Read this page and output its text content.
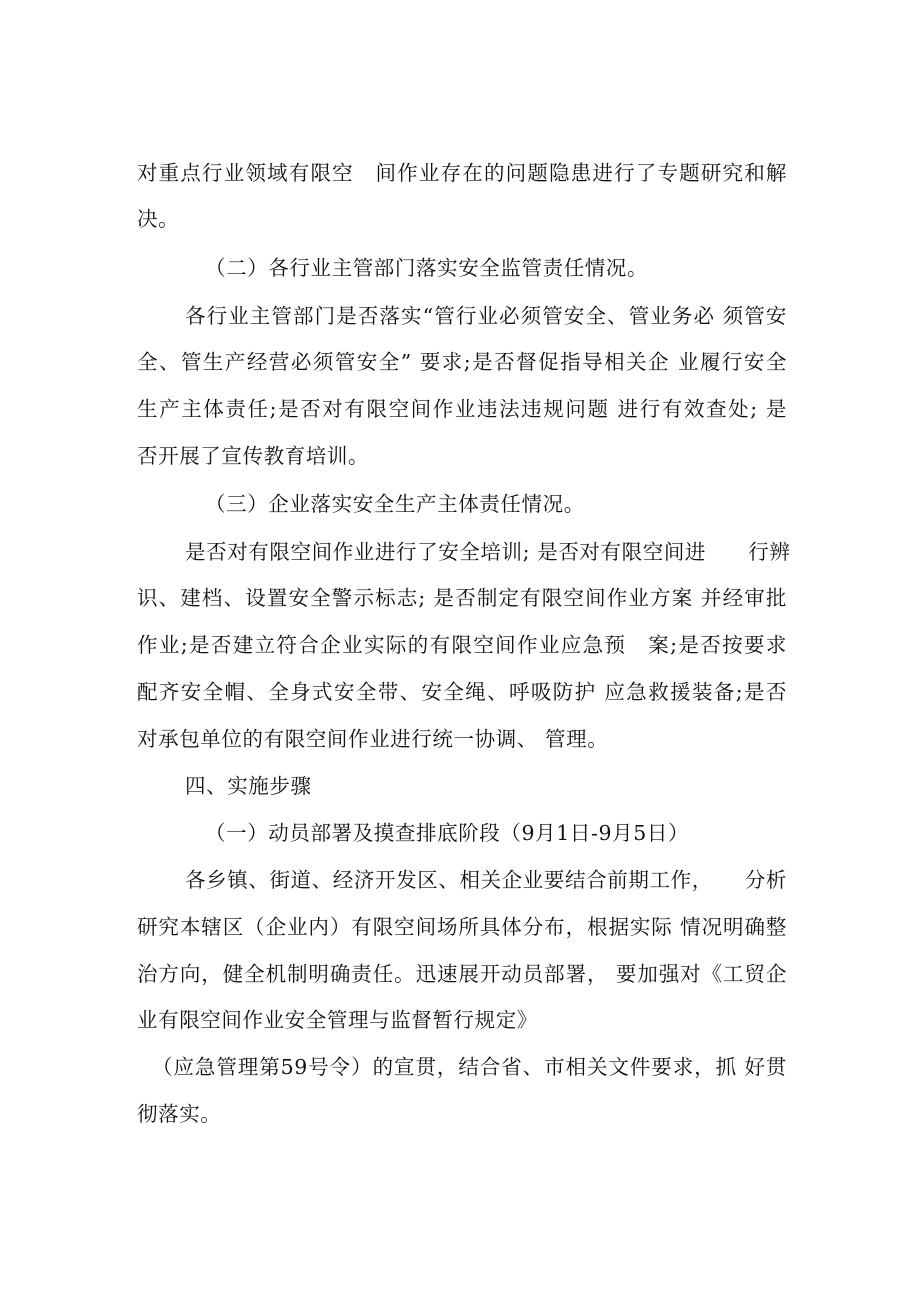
对重点行业领域有限空　间作业存在的问题隐患进行了专题研究和解
决。
（二）各行业主管部门落实安全监管责任情况。
各行业主管部门是否落实“管行业必须管安全、管业务必 须管安
全、管生产经营必须管安全” 要求;是否督促指导相关企 业履行安全
生产主体责任;是否对有限空间作业违法违规问题 进行有效查处; 是
否开展了宣传教育培训。
（三）企业落实安全生产主体责任情况。
是否对有限空间作业进行了安全培训; 是否对有限空间进　　行辨
识、建档、设置安全警示标志; 是否制定有限空间作业方案 并经审批
作业;是否建立符合企业实际的有限空间作业应急预　案;是否按要求
配齐安全帽、全身式安全带、安全绳、呼吸防护 应急救援装备;是否
对承包单位的有限空间作业进行统一协调、 管理。
四、实施步骤
（一）动员部署及摸查排底阶段（9月1日-9月5日）
各乡镇、街道、经济开发区、相关企业要结合前期工作，　　分析
研究本辖区（企业内）有限空间场所具体分布，根据实际 情况明确整
治方向，健全机制明确责任。迅速展开动员部署， 要加强对《工贸企
业有限空间作业安全管理与监督暂行规定》
（应急管理第59号令）的宣贯，结合省、市相关文件要求，抓 好贯
彻落实。
